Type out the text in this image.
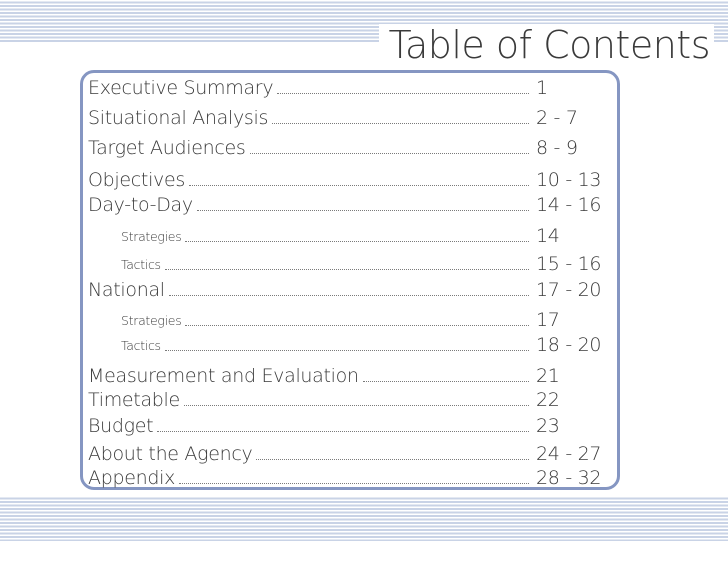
Table of Contents
Executive Summary	1
Situational Analysis	2 - 7
Target Audiences	8 - 9
Objectives	10 - 13
Day-to-Day	14 - 16
Strategies	14
Tactics	15 - 16
National	17 - 20
Strategies	17
Tactics	18 - 20
Measurement and Evaluation	21
Timetable	22
Budget	23
About the Agency	24 - 27
Appendix	28 - 32
